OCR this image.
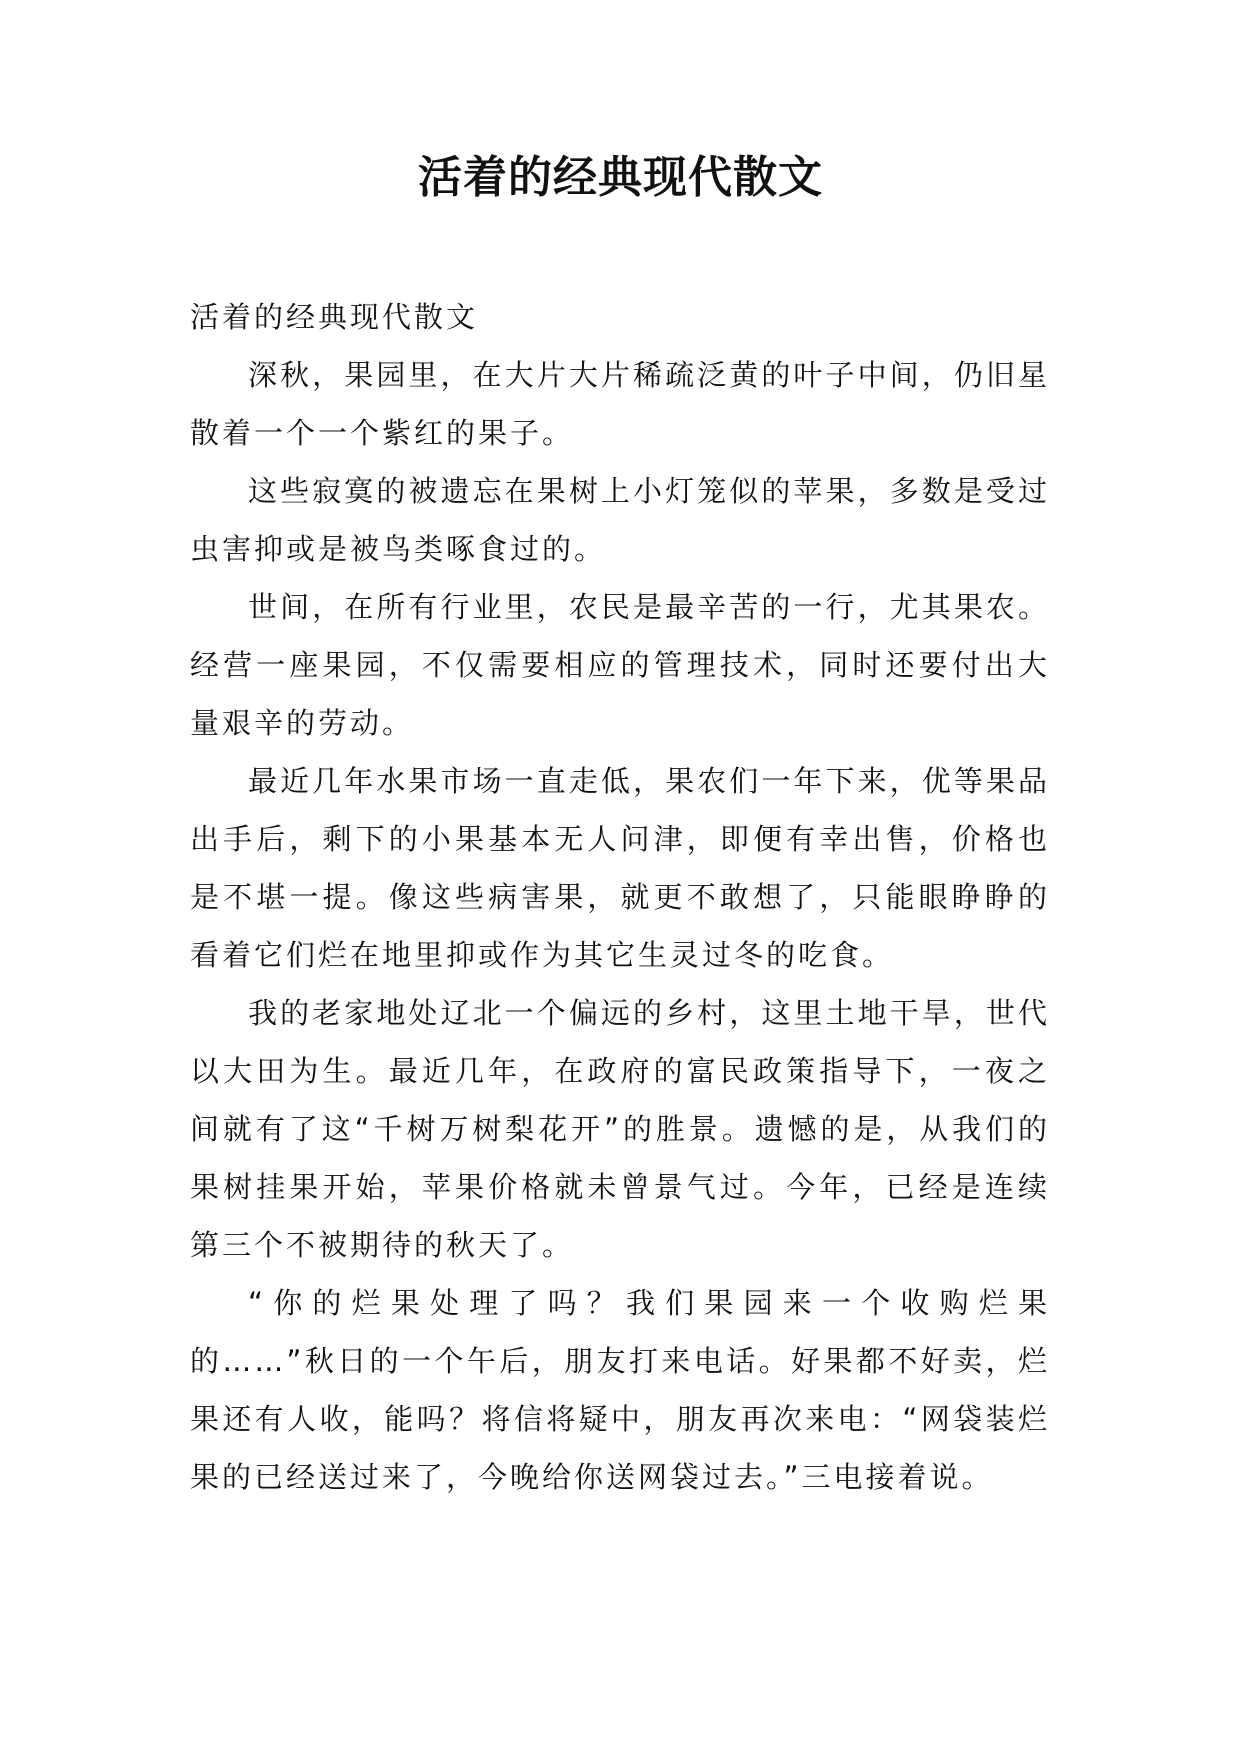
活着的经典现代散文

活着的经典现代散文

深秋，果园里，在大片大片稀疏泛黄的叶子中间，仍旧星散着一个一个紫红的果子。

这些寂寞的被遗忘在果树上小灯笼似的苹果，多数是受过虫害抑或是被鸟类啄食过的。

世间，在所有行业里，农民是最辛苦的一行，尤其果农。经营一座果园，不仅需要相应的管理技术，同时还要付出大量艰辛的劳动。

最近几年水果市场一直走低，果农们一年下来，优等果品出手后，剩下的小果基本无人问津，即便有幸出售，价格也是不堪一提。像这些病害果，就更不敢想了，只能眼睁睁的看着它们烂在地里抑或作为其它生灵过冬的吃食。

我的老家地处辽北一个偏远的乡村，这里土地干旱，世代以大田为生。最近几年，在政府的富民政策指导下，一夜之间就有了这“千树万树梨花开”的胜景。遗憾的是，从我们的果树挂果开始，苹果价格就未曾景气过。今年，已经是连续第三个不被期待的秋天了。

“你的烂果处理了吗？我们果园来一个收购烂果的……”秋日的一个午后，朋友打来电话。好果都不好卖，烂果还有人收，能吗？将信将疑中，朋友再次来电：“网袋装烂果的已经送过来了，今晚给你送网袋过去。”三电接着说。
